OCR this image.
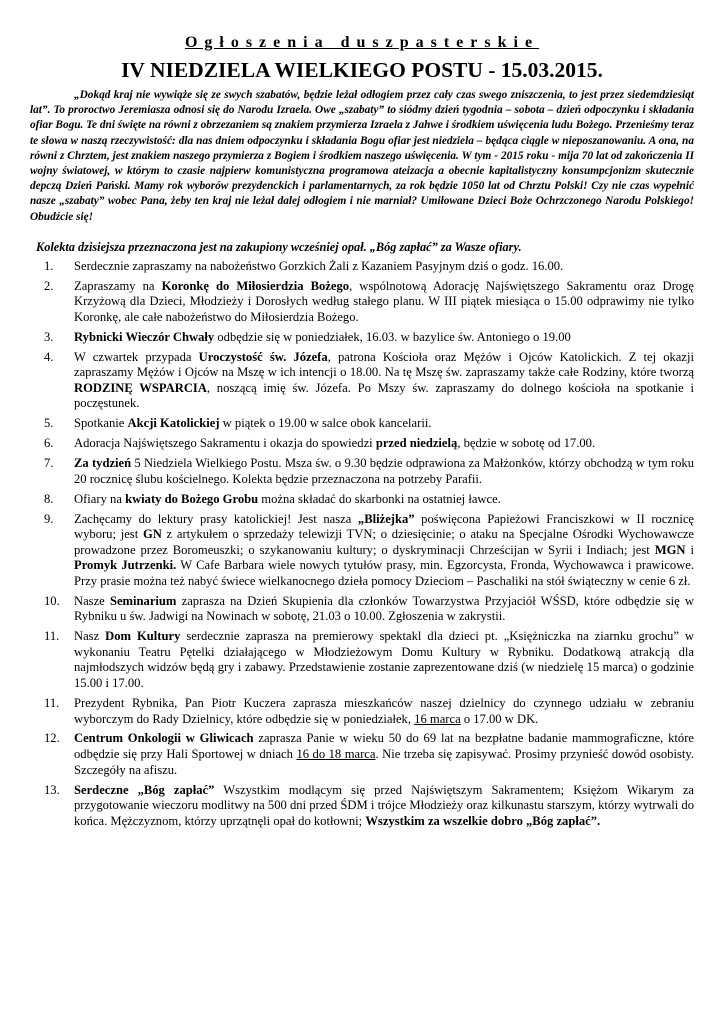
Ogłoszenia duszpasterskie
IV NIEDZIELA WIELKIEGO POSTU - 15.03.2015.

„Dokąd kraj nie wywiąże się ze swych szabatów, będzie leżał odłogiem przez cały czas swego zniszczenia, to jest przez siedemdziesiąt lat”. To proroctwo Jeremiasza odnosi się do Narodu Izraela. Owe „szabaty” to siódmy dzień tygodnia – sobota – dzień odpoczynku i składania ofiar Bogu. Te dni święte na równi z obrzezaniem są znakiem przymierza Izraela z Jahwe i środkiem uświęcenia ludu Bożego. Przenieśmy teraz te słowa w naszą rzeczywistość: dla nas dniem odpoczynku i składania Bogu ofiar jest niedziela – będąca ciągle w nieposzanowaniu. A ona, na równi z Chrztem, jest znakiem naszego przymierza z Bogiem i środkiem naszego uświęcenia. W tym - 2015 roku - mija 70 lat od zakończenia II wojny światowej, w którym to czasie najpierw komunistyczna programowa ateizacja a obecnie kapitalistyczny konsumpcjonizm skutecznie depczą Dzień Pański. Mamy rok wyborów prezydenckich i parlamentarnych, za rok będzie 1050 lat od Chrztu Polski! Czy nie czas wypełnić nasze „szabaty” wobec Pana, żeby ten kraj nie leżał dalej odłogiem i nie marniał? Umiłowane Dzieci Boże Ochrzczonego Narodu Polskiego! Obudźcie się!

Kolekta dzisiejsza przeznaczona jest na zakupiony wcześniej opał. „Bóg zapłać” za Wasze ofiary.

1. Serdecznie zapraszamy na nabożeństwo Gorzkich Żali z Kazaniem Pasyjnym dziś o godz. 16.00.
2. Zapraszamy na Koronkę do Miłosierdzia Bożego, wspólnotową Adorację Najświętszego Sakramentu oraz Drogę Krzyżową dla Dzieci, Młodzieży i Dorosłych według stałego planu. W III piątek miesiąca o 15.00 odprawimy nie tylko Koronkę, ale całe nabożeństwo do Miłosierdzia Bożego.
3. Rybnicki Wieczór Chwały odbędzie się w poniedziałek, 16.03. w bazylice św. Antoniego o 19.00
4. W czwartek przypada Uroczystość św. Józefa, patrona Kościoła oraz Mężów i Ojców Katolickich. Z tej okazji zapraszamy Mężów i Ojców na Mszę w ich intencji o 18.00. Na tę Mszę św. zapraszamy także całe Rodziny, które tworzą RODZINĘ WSPARCIA, noszącą imię św. Józefa. Po Mszy św. zapraszamy do dolnego kościoła na spotkanie i poczęstunek.
5. Spotkanie Akcji Katolickiej w piątek o 19.00 w salce obok kancelarii.
6. Adoracja Najświętszego Sakramentu i okazja do spowiedzi przed niedzielą, będzie w sobotę od 17.00.
7. Za tydzień 5 Niedziela Wielkiego Postu. Msza św. o 9.30 będzie odprawiona za Małżonków, którzy obchodzą w tym roku 20 rocznicę ślubu kościelnego. Kolekta będzie przeznaczona na potrzeby Parafii.
8. Ofiary na kwiaty do Bożego Grobu można składać do skarbonki na ostatniej ławce.
9. Zachęcamy do lektury prasy katolickiej! Jest nasza „Bliżejka” poświęcona Papieżowi Franciszkowi w II rocznicę wyboru; jest GN z artykułem o sprzedaży telewizji TVN; o dziesięcinie; o ataku na Specjalne Ośrodki Wychowawcze prowadzone przez Boromeuszki; o szykanowaniu kultury; o dyskryminacji Chrześcijan w Syrii i Indiach; jest MGN i Promyk Jutrzenki. W Cafe Barbara wiele nowych tytułów prasy, min. Egzorcysta, Fronda, Wychowawca i prawicowe. Przy prasie można też nabyć świece wielkanocnego dzieła pomocy Dzieciom – Paschaliki na stół świąteczny w cenie 6 zł.
10. Nasze Seminarium zaprasza na Dzień Skupienia dla członków Towarzystwa Przyjaciół WŚSD, które odbędzie się w Rybniku u św. Jadwigi na Nowinach w sobotę, 21.03 o 10.00. Zgłoszenia w zakrystii.
11. Nasz Dom Kultury serdecznie zaprasza na premierowy spektakl dla dzieci pt. „Księżniczka na ziarnku grochu” w wykonaniu Teatru Pętelki działającego w Młodzieżowym Domu Kultury w Rybniku. Dodatkową atrakcją dla najmłodszych widzów będą gry i zabawy. Przedstawienie zostanie zaprezentowane dziś (w niedzielę 15 marca) o godzinie 15.00 i 17.00.
11. Prezydent Rybnika, Pan Piotr Kuczera zaprasza mieszkańców naszej dzielnicy do czynnego udziału w zebraniu wyborczym do Rady Dzielnicy, które odbędzie się w poniedziałek, 16 marca o 17.00 w DK.
12. Centrum Onkologii w Gliwicach zaprasza Panie w wieku 50 do 69 lat na bezpłatne badanie mammograficzne, które odbędzie się przy Hali Sportowej w dniach 16 do 18 marca. Nie trzeba się zapisywać. Prosimy przynieść dowód osobisty. Szczegóły na afiszu.
13. Serdeczne „Bóg zapłać” Wszystkim modlącym się przed Najświętszym Sakramentem; Księżom Wikarym za przygotowanie wieczoru modlitwy na 500 dni przed ŚDM i trójce Młodzieży oraz kilkunastu starszym, którzy wytrwali do końca. Mężczyznom, którzy uprzątnęli opał do kotłowni; Wszystkim za wszelkie dobro „Bóg zapłać”.
